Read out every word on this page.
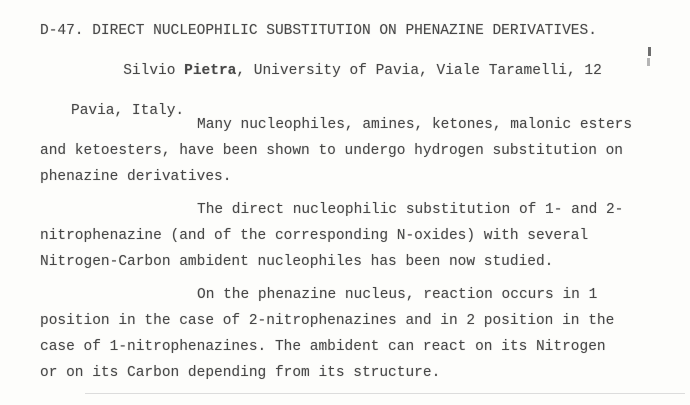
D-47. DIRECT NUCLEOPHILIC SUBSTITUTION ON PHENAZINE DERIVATIVES.

Silvio Pietra, University of Pavia, Viale Taramelli, 12

Pavia, Italy.
Many nucleophiles, amines, ketones, malonic esters
and ketoesters, have been shown to undergo hydrogen substitution on
phenazine derivatives.
The direct nucleophilic substitution of 1- and 2-
nitrophenazine (and of the corresponding N-oxides) with several
Nitrogen-Carbon ambident nucleophiles has been now studied.
On the phenazine nucleus, reaction occurs in 1
position in the case of 2-nitrophenazines and in 2 position in the
case of 1-nitrophenazines. The ambident can react on its Nitrogen
or on its Carbon depending from its structure.
